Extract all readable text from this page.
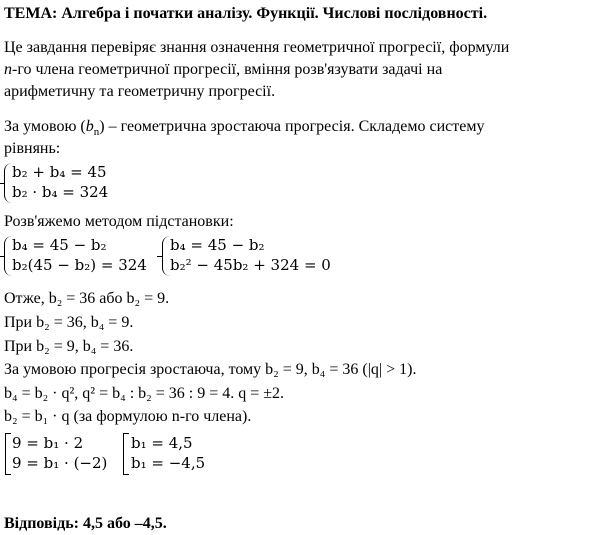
ТЕМА: Алгебра і початки аналізу. Функції. Числові послідовності.
Це завдання перевіряє знання означення геометричної прогресії, формули
n-го члена геометричної прогресії, вміння розв'язувати задачі на
арифметичну та геометричну прогресії.
За умовою $(b_n)$ – геометрична зростаюча прогресія. Складемо систему
рівнянь:
b₂ + b₄ = 45
b₂ · b₄ = 324
Розв'яжемо методом підстановки:
b₄ = 45 − b₂
b₂(45 − b₂) = 324
b₄ = 45 − b₂
b₂² − 45b₂ + 324 = 0
Отже, b₂ = 36 або b₂ = 9.
При b₂ = 36, b₄ = 9.
При b₂ = 9, b₄ = 36.
За умовою прогресія зростаюча, тому b₂ = 9, b₄ = 36 (|q| > 1).
b₄ = b₂ · q², q² = b₄ : b₂ = 36 : 9 = 4. q = ±2.
b₂ = b₁ · q (за формулою n-го члена).
9 = b₁ · 2
9 = b₁ · (−2)
b₁ = 4,5
b₁ = −4,5
Відповідь: 4,5 або –4,5.
